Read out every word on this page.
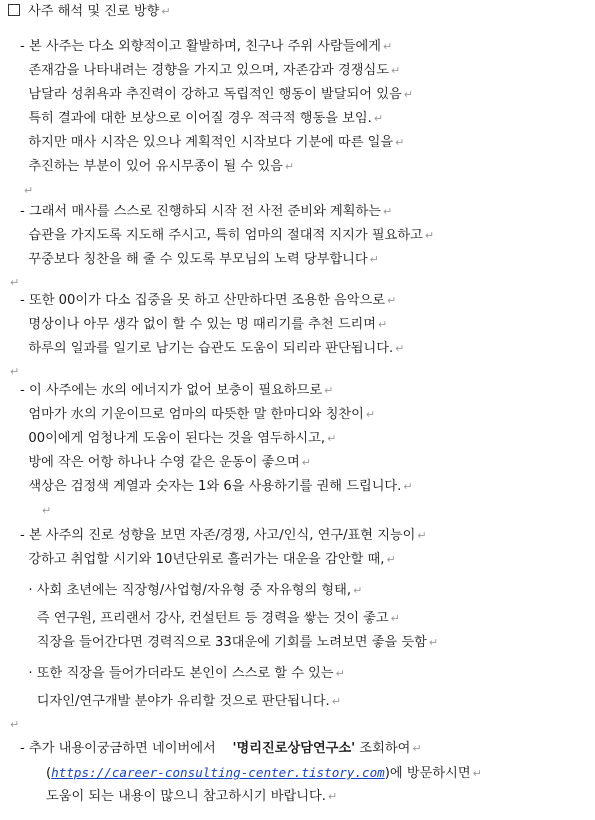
사주 해석 및 진로 방향 ↵
- 본 사주는 다소 외향적이고 활발하며, 친구나 주위 사람들에게 ↵
존재감을 나타내려는 경향을 가지고 있으며, 자존감과 경쟁심도 ↵
남달라 성취욕과 추진력이 강하고 독립적인 행동이 발달되어 있음 ↵
특히 결과에 대한 보상으로 이어질 경우 적극적 행동을 보임. ↵
하지만 매사 시작은 있으나 계획적인 시작보다 기분에 따른 일을 ↵
추진하는 부분이 있어 유시무종이 될 수 있음 ↵
↵
- 그래서 매사를 스스로 진행하되 시작 전 사전 준비와 계획하는 ↵
습관을 가지도록 지도해 주시고, 특히 엄마의 절대적 지지가 필요하고 ↵
꾸중보다 칭찬을 해 줄 수 있도록 부모님의 노력 당부합니다 ↵
↵
- 또한 00이가 다소 집중을 못 하고 산만하다면 조용한 음악으로 ↵
명상이나 아무 생각 없이 할 수 있는 멍 때리기를 추천 드리며 ↵
하루의 일과를 일기로 남기는 습관도 도움이 되리라 판단됩니다. ↵
↵
- 이 사주에는 水의 에너지가 없어 보충이 필요하므로 ↵
엄마가 水의 기운이므로 엄마의 따뜻한 말 한마디와 칭찬이 ↵
00이에게 엄청나게 도움이 된다는 것을 염두하시고, ↵
방에 작은 어항 하나나 수영 같은 운동이 좋으며 ↵
색상은 검정색 계열과 숫자는 1와 6을 사용하기를 권해 드립니다. ↵
↵
- 본 사주의 진로 성향을 보면 자존/경쟁, 사고/인식, 연구/표현 지능이 ↵
강하고 취업할 시기와 10년단위로 흘러가는 대운을 감안할 때, ↵
· 사회 초년에는 직장형/사업형/자유형 중 자유형의 형태, ↵
즉 연구원, 프리랜서 강사, 컨설턴트 등 경력을 쌓는 것이 좋고 ↵
직장을 들어간다면 경력직으로 33대운에 기회를 노려보면 좋을 듯함 ↵
· 또한 직장을 들어가더라도 본인이 스스로 할 수 있는 ↵
디자인/연구개발 분야가 유리할 것으로 판단됩니다. ↵
↵
- 추가 내용이궁금하면 네이버에서 '명리진로상담연구소' 조회하여 ↵
(https://career-consulting-center.tistory.com)에 방문하시면 ↵
도움이 되는 내용이 많으니 참고하시기 바랍니다. ↵
